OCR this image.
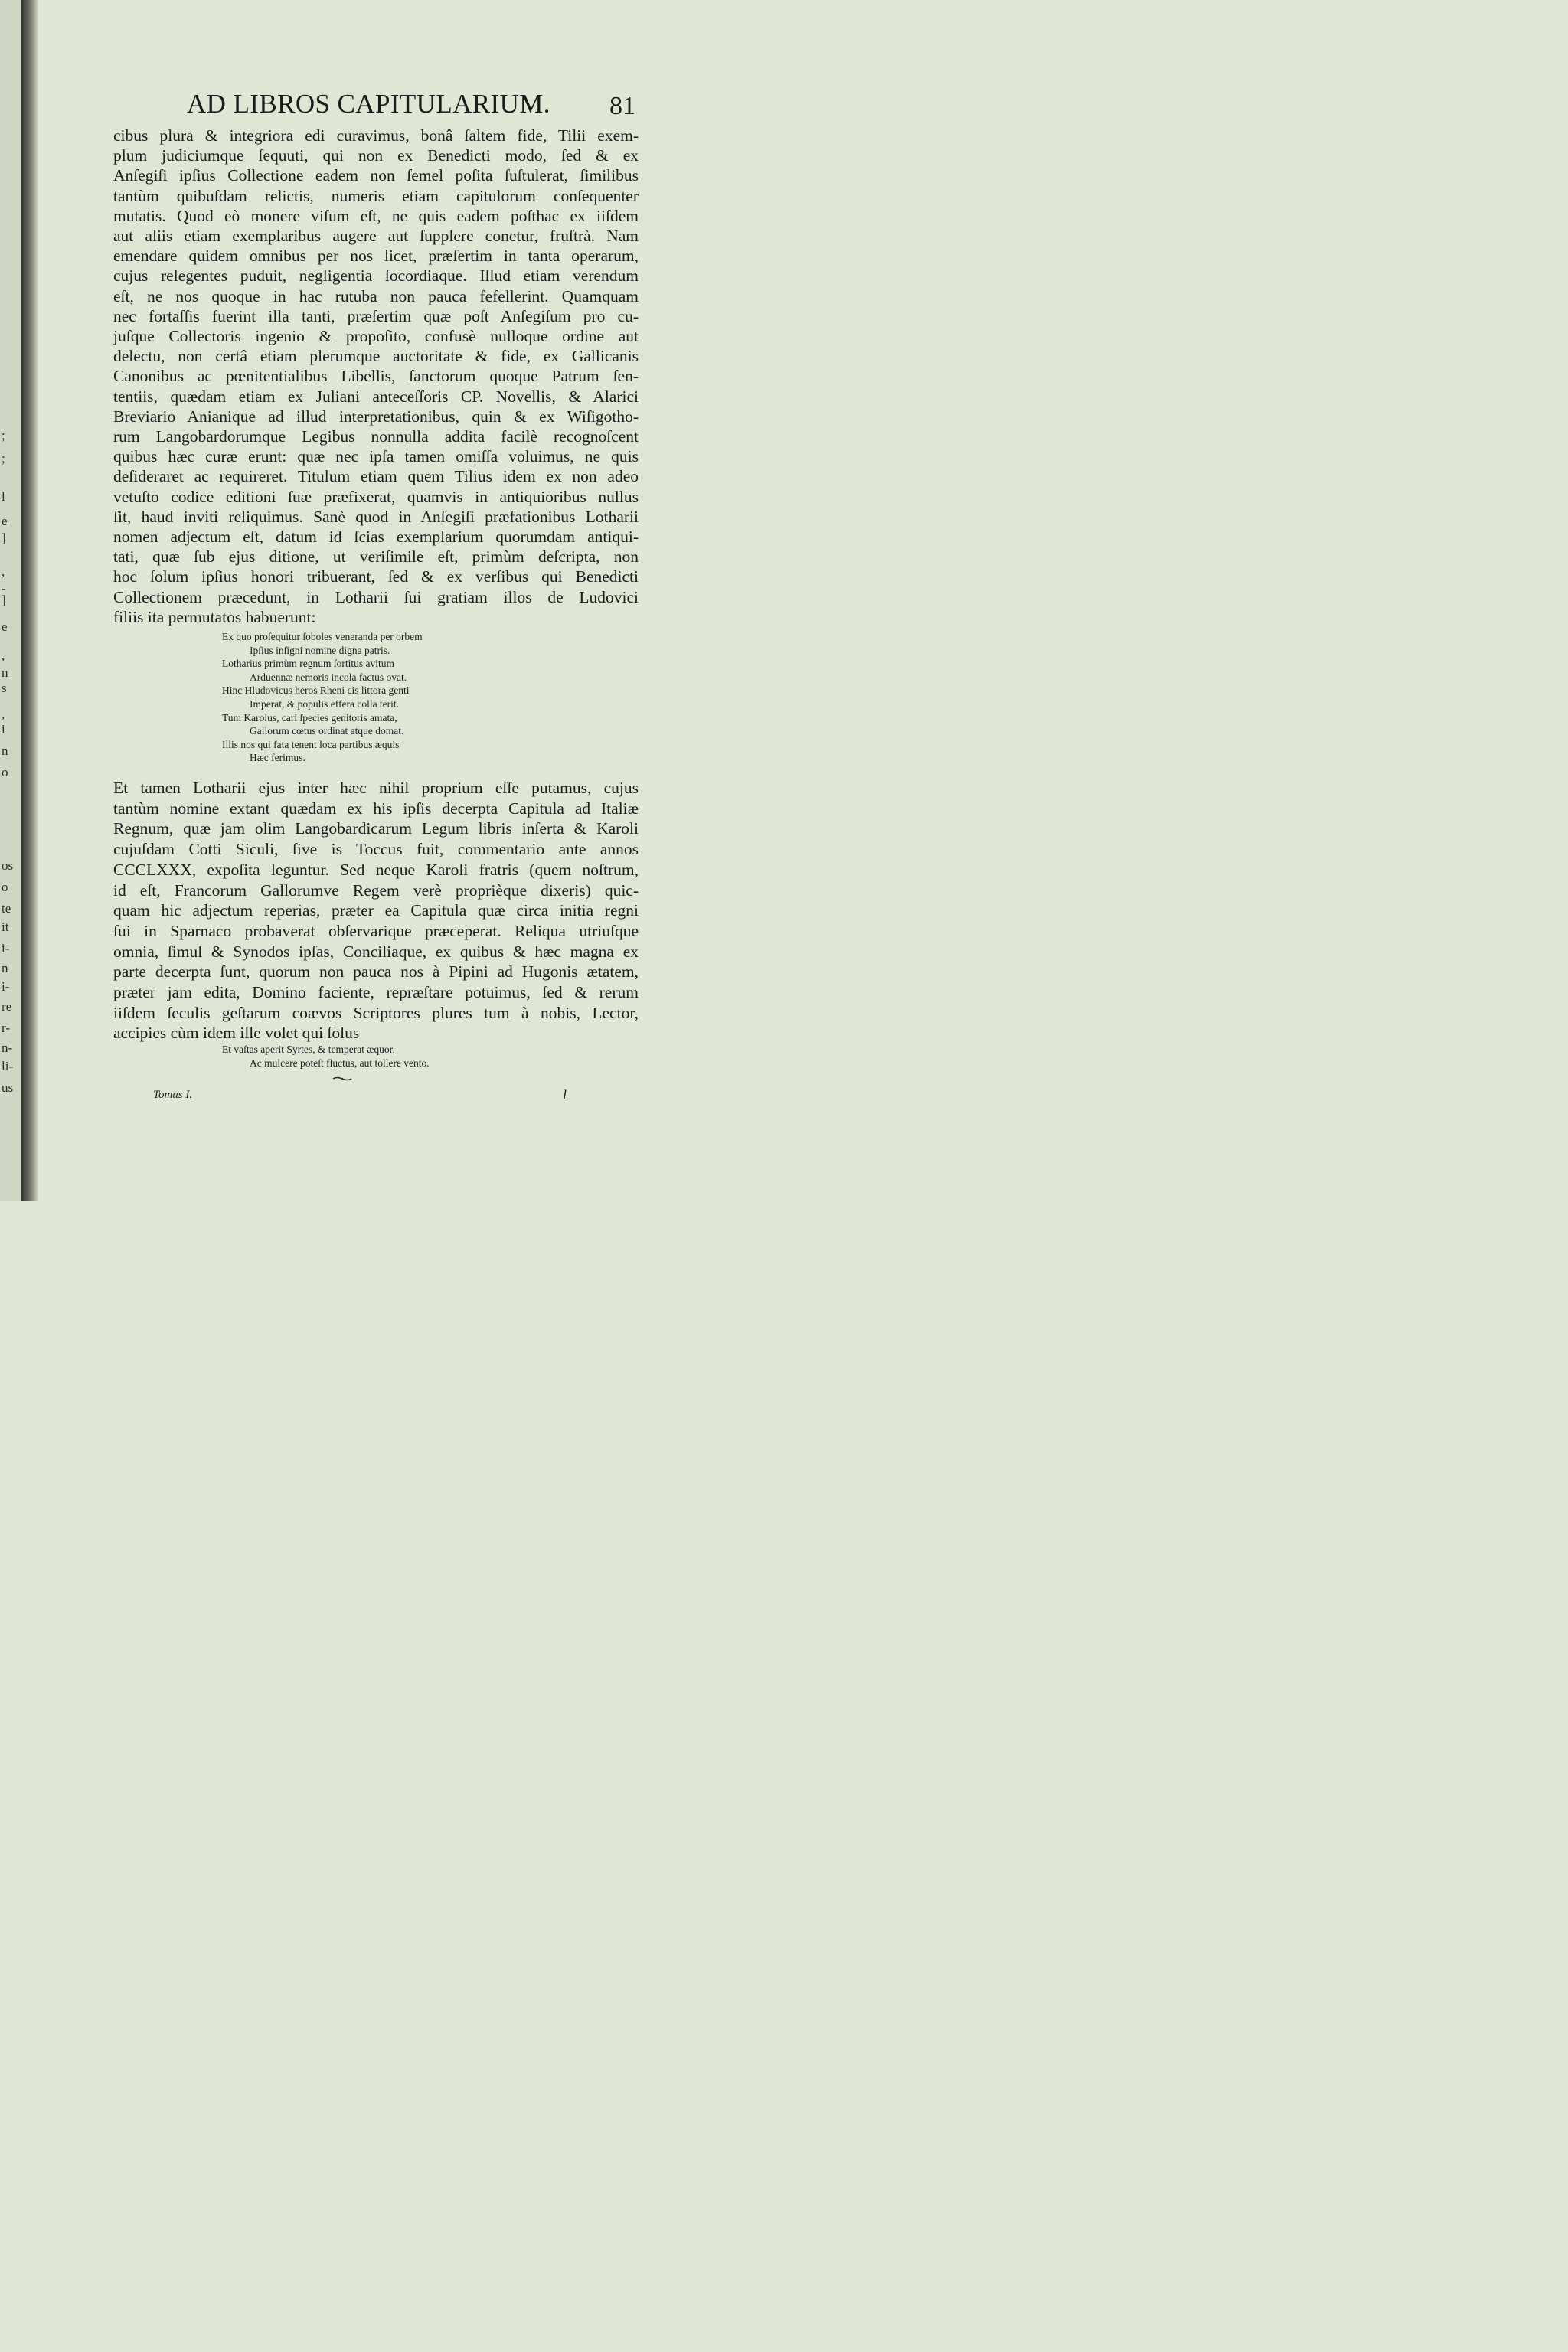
;
;
l
e
]
,
-
]
e
,
n
s
,
i
n
o
os
o
te
it
i-
n
i-
re
r-
n-
li-
us
AD LIBROS CAPITULARIUM.	81
cibus plura & integriora edi curavimus, bonâ ſaltem fide, Tilii exem-
plum judiciumque ſequuti, qui non ex Benedicti modo, ſed & ex
Anſegiſi ipſius Collectione eadem non ſemel poſita ſuſtulerat, ſimilibus
tantùm quibuſdam relictis, numeris etiam capitulorum conſequenter
mutatis. Quod eò monere viſum eſt, ne quis eadem poſthac ex iiſdem
aut aliis etiam exemplaribus augere aut ſupplere conetur, fruſtrà. Nam
emendare quidem omnibus per nos licet, præſertim in tanta operarum,
cujus relegentes puduit, negligentia ſocordiaque. Illud etiam verendum
eſt, ne nos quoque in hac rutuba non pauca fefellerint. Quamquam
nec fortaſſis fuerint illa tanti, præſertim quæ poſt Anſegiſum pro cu-
juſque Collectoris ingenio & propoſito, confusè nulloque ordine aut
delectu, non certâ etiam plerumque auctoritate & fide, ex Gallicanis
Canonibus ac pœnitentialibus Libellis, ſanctorum quoque Patrum ſen-
tentiis, quædam etiam ex Juliani anteceſſoris CP. Novellis, & Alarici
Breviario Anianique ad illud interpretationibus, quin & ex Wiſigotho-
rum Langobardorumque Legibus nonnulla addita facilè recognoſcent
quibus hæc curæ erunt: quæ nec ipſa tamen omiſſa voluimus, ne quis
deſideraret ac requireret. Titulum etiam quem Tilius idem ex non adeo
vetuſto codice editioni ſuæ præfixerat, quamvis in antiquioribus nullus
ſit, haud inviti reliquimus. Sanè quod in Anſegiſi præfationibus Lotharii
nomen adjectum eſt, datum id ſcias exemplarium quorumdam antiqui-
tati, quæ ſub ejus ditione, ut veriſimile eſt, primùm deſcripta, non
hoc ſolum ipſius honori tribuerant, ſed & ex verſibus qui Benedicti
Collectionem præcedunt, in Lotharii ſui gratiam illos de Ludovici
filiis ita permutatos habuerunt:
Ex quo proſequitur ſoboles veneranda per orbem
Ipſius inſigni nomine digna patris.
Lotharius primùm regnum ſortitus avitum
Arduennæ nemoris incola factus ovat.
Hinc Hludovicus heros Rheni cis littora genti
Imperat, & populis effera colla terit.
Tum Karolus, cari ſpecies genitoris amata,
Gallorum cœtus ordinat atque domat.
Illis nos qui fata tenent loca partibus æquis
Hæc ferimus.
Et tamen Lotharii ejus inter hæc nihil proprium eſſe putamus, cujus
tantùm nomine extant quædam ex his ipſis decerpta Capitula ad Italiæ
Regnum, quæ jam olim Langobardicarum Legum libris inſerta & Karoli
cujuſdam Cotti Siculi, ſive is Toccus fuit, commentario ante annos
CCCLXXX, expoſita leguntur. Sed neque Karoli fratris (quem noſtrum,
id eſt, Francorum Gallorumve Regem verè proprièque dixeris) quic-
quam hic adjectum reperias, præter ea Capitula quæ circa initia regni
ſui in Sparnaco probaverat obſervarique præceperat. Reliqua utriuſque
omnia, ſimul & Synodos ipſas, Conciliaque, ex quibus & hæc magna ex
parte decerpta ſunt, quorum non pauca nos à Pipini ad Hugonis ætatem,
præter jam edita, Domino faciente, repræſtare potuimus, ſed & rerum
iiſdem ſeculis geſtarum coævos Scriptores plures tum à nobis, Lector,
accipies cùm idem ille volet qui ſolus
Et vaſtas aperit Syrtes, & temperat æquor,
Ac mulcere poteſt fluctus, aut tollere vento.
Tomus I.	l
